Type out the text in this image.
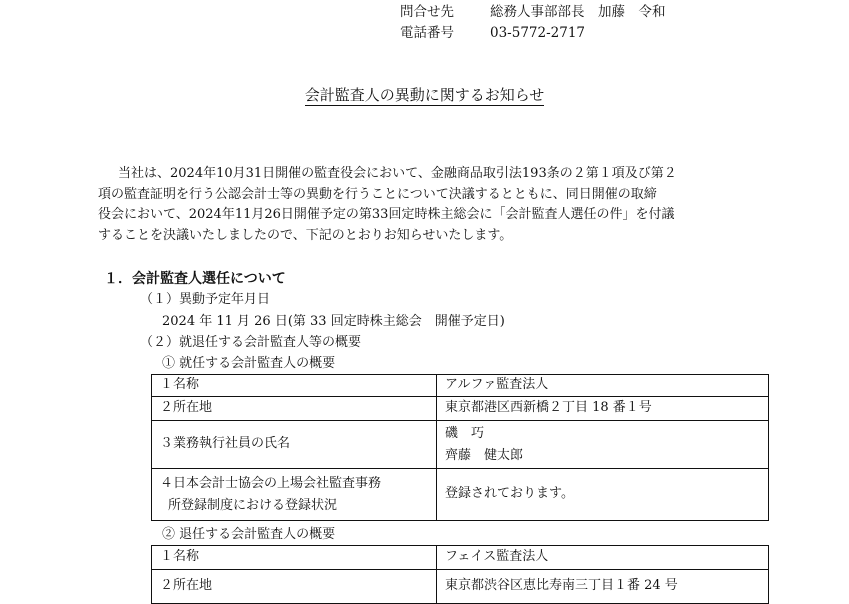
問合せ先	総務人事部部長　加藤　令和
電話番号	03-5772-2717
会計監査人の異動に関するお知らせ

当社は、2024年10月31日開催の監査役会において、金融商品取引法193条の２第１項及び第２

項の監査証明を行う公認会計士等の異動を行うことについて決議するとともに、同日開催の取締

役会において、2024年11月26日開催予定の第33回定時株主総会に「会計監査人選任の件」を付議

することを決議いたしましたので、下記のとおりお知らせいたします。

１．会計監査人選任について
（１）異動予定年月日
2024 年 11 月 26 日(第 33 回定時株主総会　開催予定日)
（２）就退任する会計監査人等の概要
① 就任する会計監査人の概要
１名称	アルファ監査法人
２所在地	東京都港区西新橋２丁目 18 番１号
３業務執行社員の氏名	磯　巧
齊藤　健太郎

４日本会計士協会の上場会社監査事務
所登録制度における登録状況	登録されております。
② 退任する会計監査人の概要
１名称	フェイス監査法人
２所在地	東京都渋谷区恵比寿南三丁目１番 24 号
